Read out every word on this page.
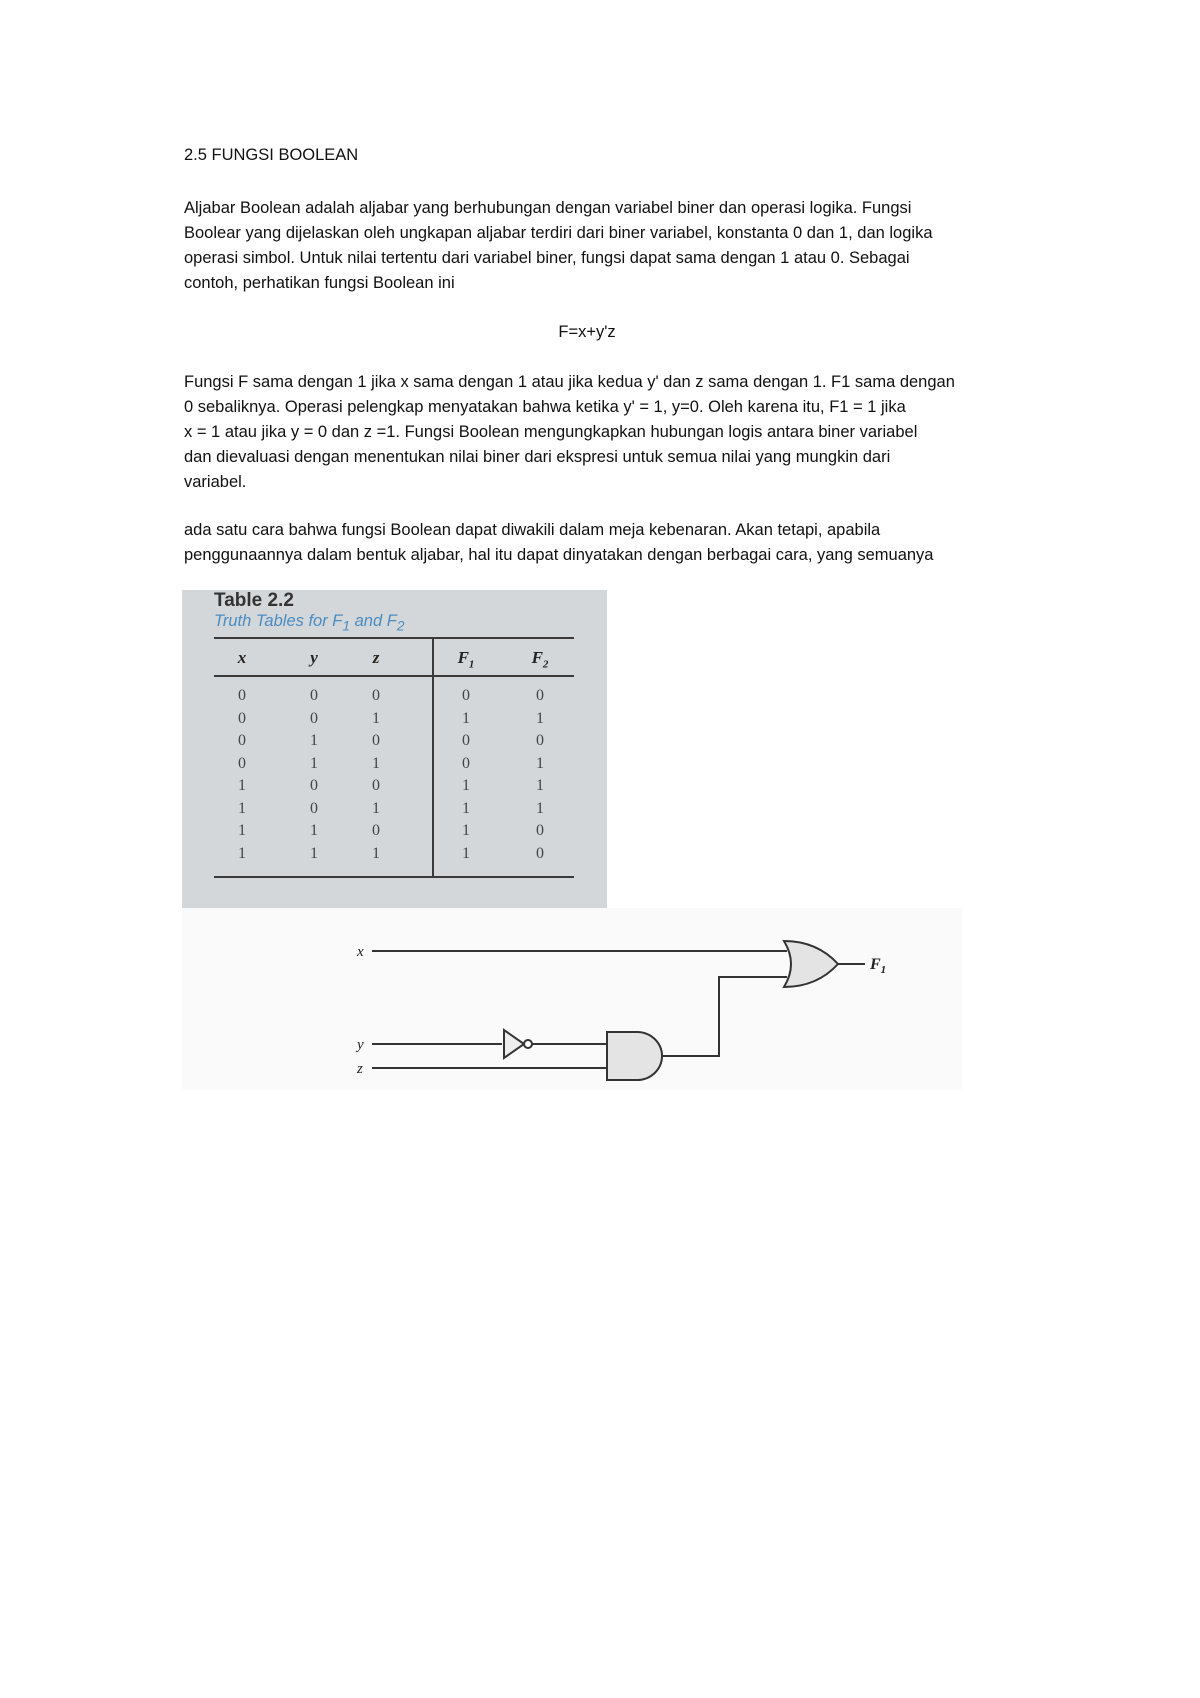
2.5 FUNGSI BOOLEAN
Aljabar Boolean adalah aljabar yang berhubungan dengan variabel biner dan operasi logika. Fungsi
Boolear yang dijelaskan oleh ungkapan aljabar terdiri dari biner variabel, konstanta 0 dan 1, dan logika
operasi simbol. Untuk nilai tertentu dari variabel biner, fungsi dapat sama dengan 1 atau 0. Sebagai
contoh, perhatikan fungsi Boolean ini
F=x+y'z
Fungsi F sama dengan 1 jika x sama dengan 1 atau jika kedua y' dan z sama dengan 1. F1 sama dengan
0 sebaliknya. Operasi pelengkap menyatakan bahwa ketika y' = 1, y=0. Oleh karena itu, F1 = 1 jika
x = 1 atau jika y = 0 dan z =1. Fungsi Boolean mengungkapkan hubungan logis antara biner variabel
dan dievaluasi dengan menentukan nilai biner dari ekspresi untuk semua nilai yang mungkin dari
variabel.
ada satu cara bahwa fungsi Boolean dapat diwakili dalam meja kebenaran. Akan tetapi, apabila
penggunaannya dalam bentuk aljabar, hal itu dapat dinyatakan dengan berbagai cara, yang semuanya
Table 2.2
Truth Tables for $F_1$ and $F_2$
x	y	z	$F_1$	$F_2$
0	0	0	0	0
0	0	1	1	1
0	1	0	0	0
0	1	1	0	1
1	0	0	1	1
1	0	1	1	1
1	1	0	1	0
1	1	1	1	0
x
y
z
$F_1$
